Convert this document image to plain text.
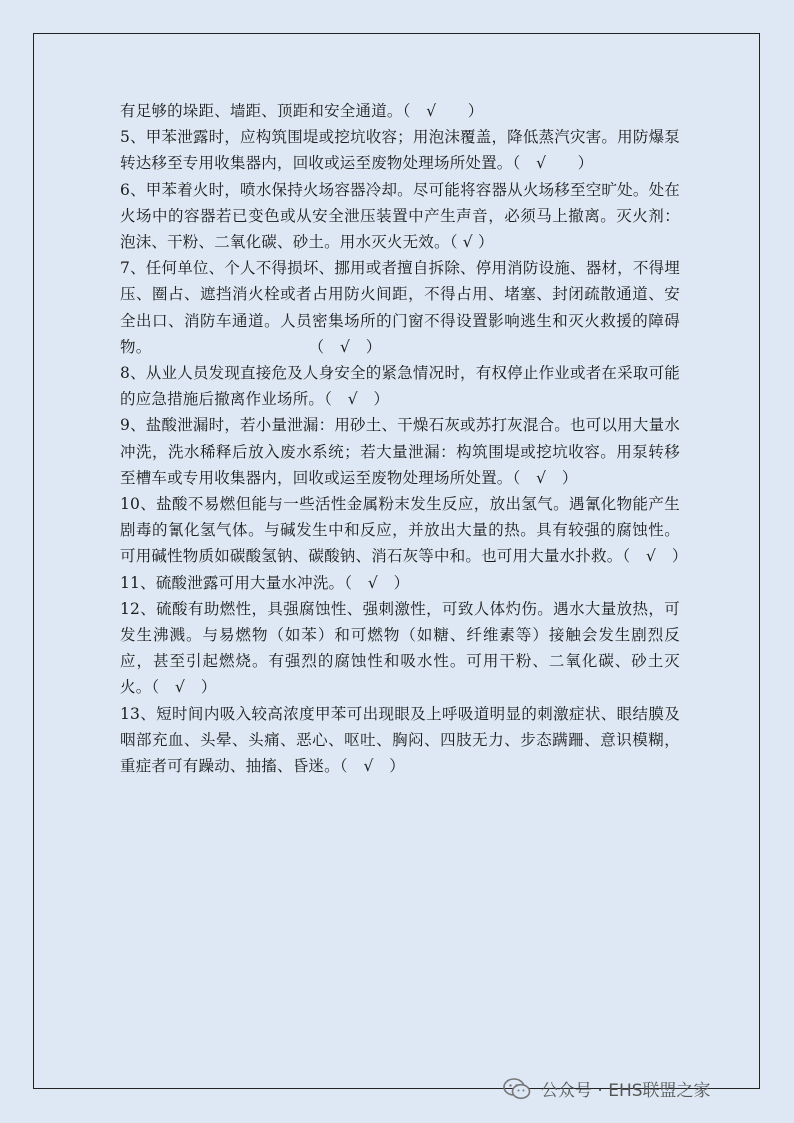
有足够的垛距、墙距、顶距和安全通道。（　√　　）

5、甲苯泄露时，应构筑围堤或挖坑收容；用泡沫覆盖，降低蒸汽灾害。用防爆泵转达移至专用收集器内，回收或运至废物处理场所处置。（　√　　）

6、甲苯着火时，喷水保持火场容器冷却。尽可能将容器从火场移至空旷处。处在火场中的容器若已变色或从安全泄压装置中产生声音，必须马上撤离。灭火剂：泡沫、干粉、二氧化碳、砂土。用水灭火无效。（ √ ）

7、任何单位、个人不得损坏、挪用或者擅自拆除、停用消防设施、器材，不得埋压、圈占、遮挡消火栓或者占用防火间距，不得占用、堵塞、封闭疏散通道、安全出口、消防车通道。人员密集场所的门窗不得设置影响逃生和灭火救援的障碍物。　　　　　　　　　　　（　√　）

8、从业人员发现直接危及人身安全的紧急情况时，有权停止作业或者在采取可能的应急措施后撤离作业场所。（　√　）

9、盐酸泄漏时，若小量泄漏：用砂土、干燥石灰或苏打灰混合。也可以用大量水冲洗，洗水稀释后放入废水系统；若大量泄漏：构筑围堤或挖坑收容。用泵转移至槽车或专用收集器内，回收或运至废物处理场所处置。（　√　）

10、盐酸不易燃但能与一些活性金属粉末发生反应，放出氢气。遇氰化物能产生剧毒的氰化氢气体。与碱发生中和反应，并放出大量的热。具有较强的腐蚀性。可用碱性物质如碳酸氢钠、碳酸钠、消石灰等中和。也可用大量水扑救。（　√　）

11、硫酸泄露可用大量水冲洗。（　√　）

12、硫酸有助燃性，具强腐蚀性、强刺激性，可致人体灼伤。遇水大量放热，可发生沸溅。与易燃物（如苯）和可燃物（如糖、纤维素等）接触会发生剧烈反应，甚至引起燃烧。有强烈的腐蚀性和吸水性。可用干粉、二氧化碳、砂土灭火。（　√　）

13、短时间内吸入较高浓度甲苯可出现眼及上呼吸道明显的刺激症状、眼结膜及咽部充血、头晕、头痛、恶心、呕吐、胸闷、四肢无力、步态蹒跚、意识模糊，重症者可有躁动、抽搐、昏迷。（　√　）

公众号 · EHS联盟之家
